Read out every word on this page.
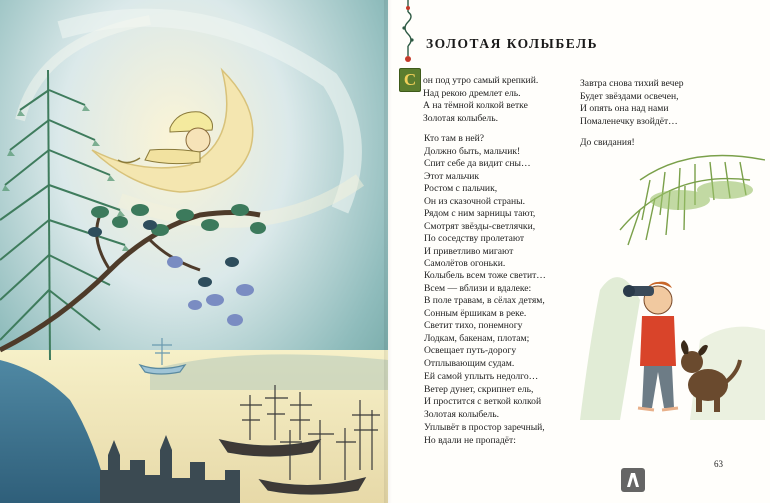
ЗОЛОТАЯ КОЛЫБЕЛЬ
С он под утро самый крепкий.
Над рекою дремлет ель.
А на тёмной колкой ветке
Золотая колыбель.
Кто там в ней?
Должно быть, мальчик!
Спит себе да видит сны…
Этот мальчик
Ростом с пальчик,
Он из сказочной страны.
Рядом с ним зарницы тают,
Смотрят звёзды-светлячки,
По соседству пролетают
И приветливо мигают
Самолётов огоньки.
Колыбель всем тоже светит…
Всем — вблизи и вдалеке:
В поле травам, в сёлах детям,
Сонным ёршикам в реке.
Светит тихо, понемногу
Лодкам, бакенам, плотам;
Освещает путь-дорогу
Отплывающим судам.
Ей самой уплыть недолго…
Ветер дунет, скрипнет ель,
И простится с веткой колкой
Золотая колыбель.
Уплывёт в простор заречный,
Но вдали не пропадёт:
Завтра снова тихий вечер
Будет звёздами освечен,
И опять она над нами
Помаленечку взойдёт…
До свидания!

63
